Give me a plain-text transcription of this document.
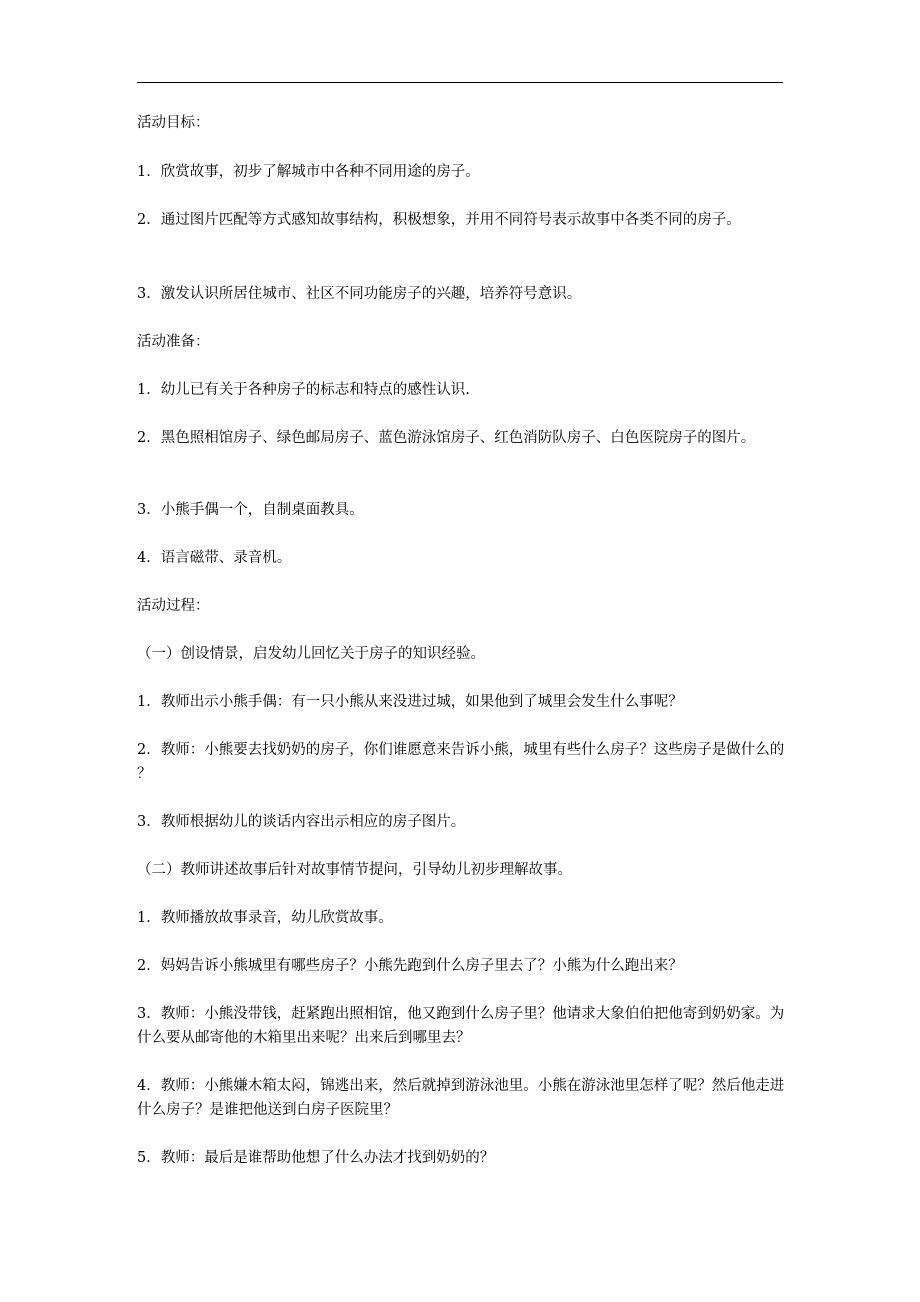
活动目标：
1．欣赏故事，初步了解城市中各种不同用途的房子。
2．通过图片匹配等方式感知故事结构，积极想象，并用不同符号表示故事中各类不同的房子。
3．激发认识所居住城市、社区不同功能房子的兴趣，培养符号意识。
活动准备：
1．幼儿已有关于各种房子的标志和特点的感性认识.
2．黑色照相馆房子、绿色邮局房子、蓝色游泳馆房子、红色消防队房子、白色医院房子的图片。
3．小熊手偶一个，自制桌面教具。
4．语言磁带、录音机。
活动过程：
（一）创设情景，启发幼儿回忆关于房子的知识经验。
1．教师出示小熊手偶：有一只小熊从来没进过城，如果他到了城里会发生什么事呢？
2．教师：小熊要去找奶奶的房子，你们谁愿意来告诉小熊，城里有些什么房子？这些房子是做什么的 ？
3．教师根据幼儿的谈话内容出示相应的房子图片。
（二）教师讲述故事后针对故事情节提问，引导幼儿初步理解故事。
1．教师播放故事录音，幼儿欣赏故事。
2．妈妈告诉小熊城里有哪些房子？小熊先跑到什么房子里去了？小熊为什么跑出来？
3．教师：小熊没带钱，赶紧跑出照相馆，他又跑到什么房子里？他请求大象伯伯把他寄到奶奶家。为什么要从邮寄他的木箱里出来呢？出来后到哪里去？
4．教师：小熊嫌木箱太闷，锦逃出来，然后就掉到游泳池里。小熊在游泳池里怎样了呢？然后他走进什么房子？是谁把他送到白房子医院里？
5．教师：最后是谁帮助他想了什么办法才找到奶奶的？
